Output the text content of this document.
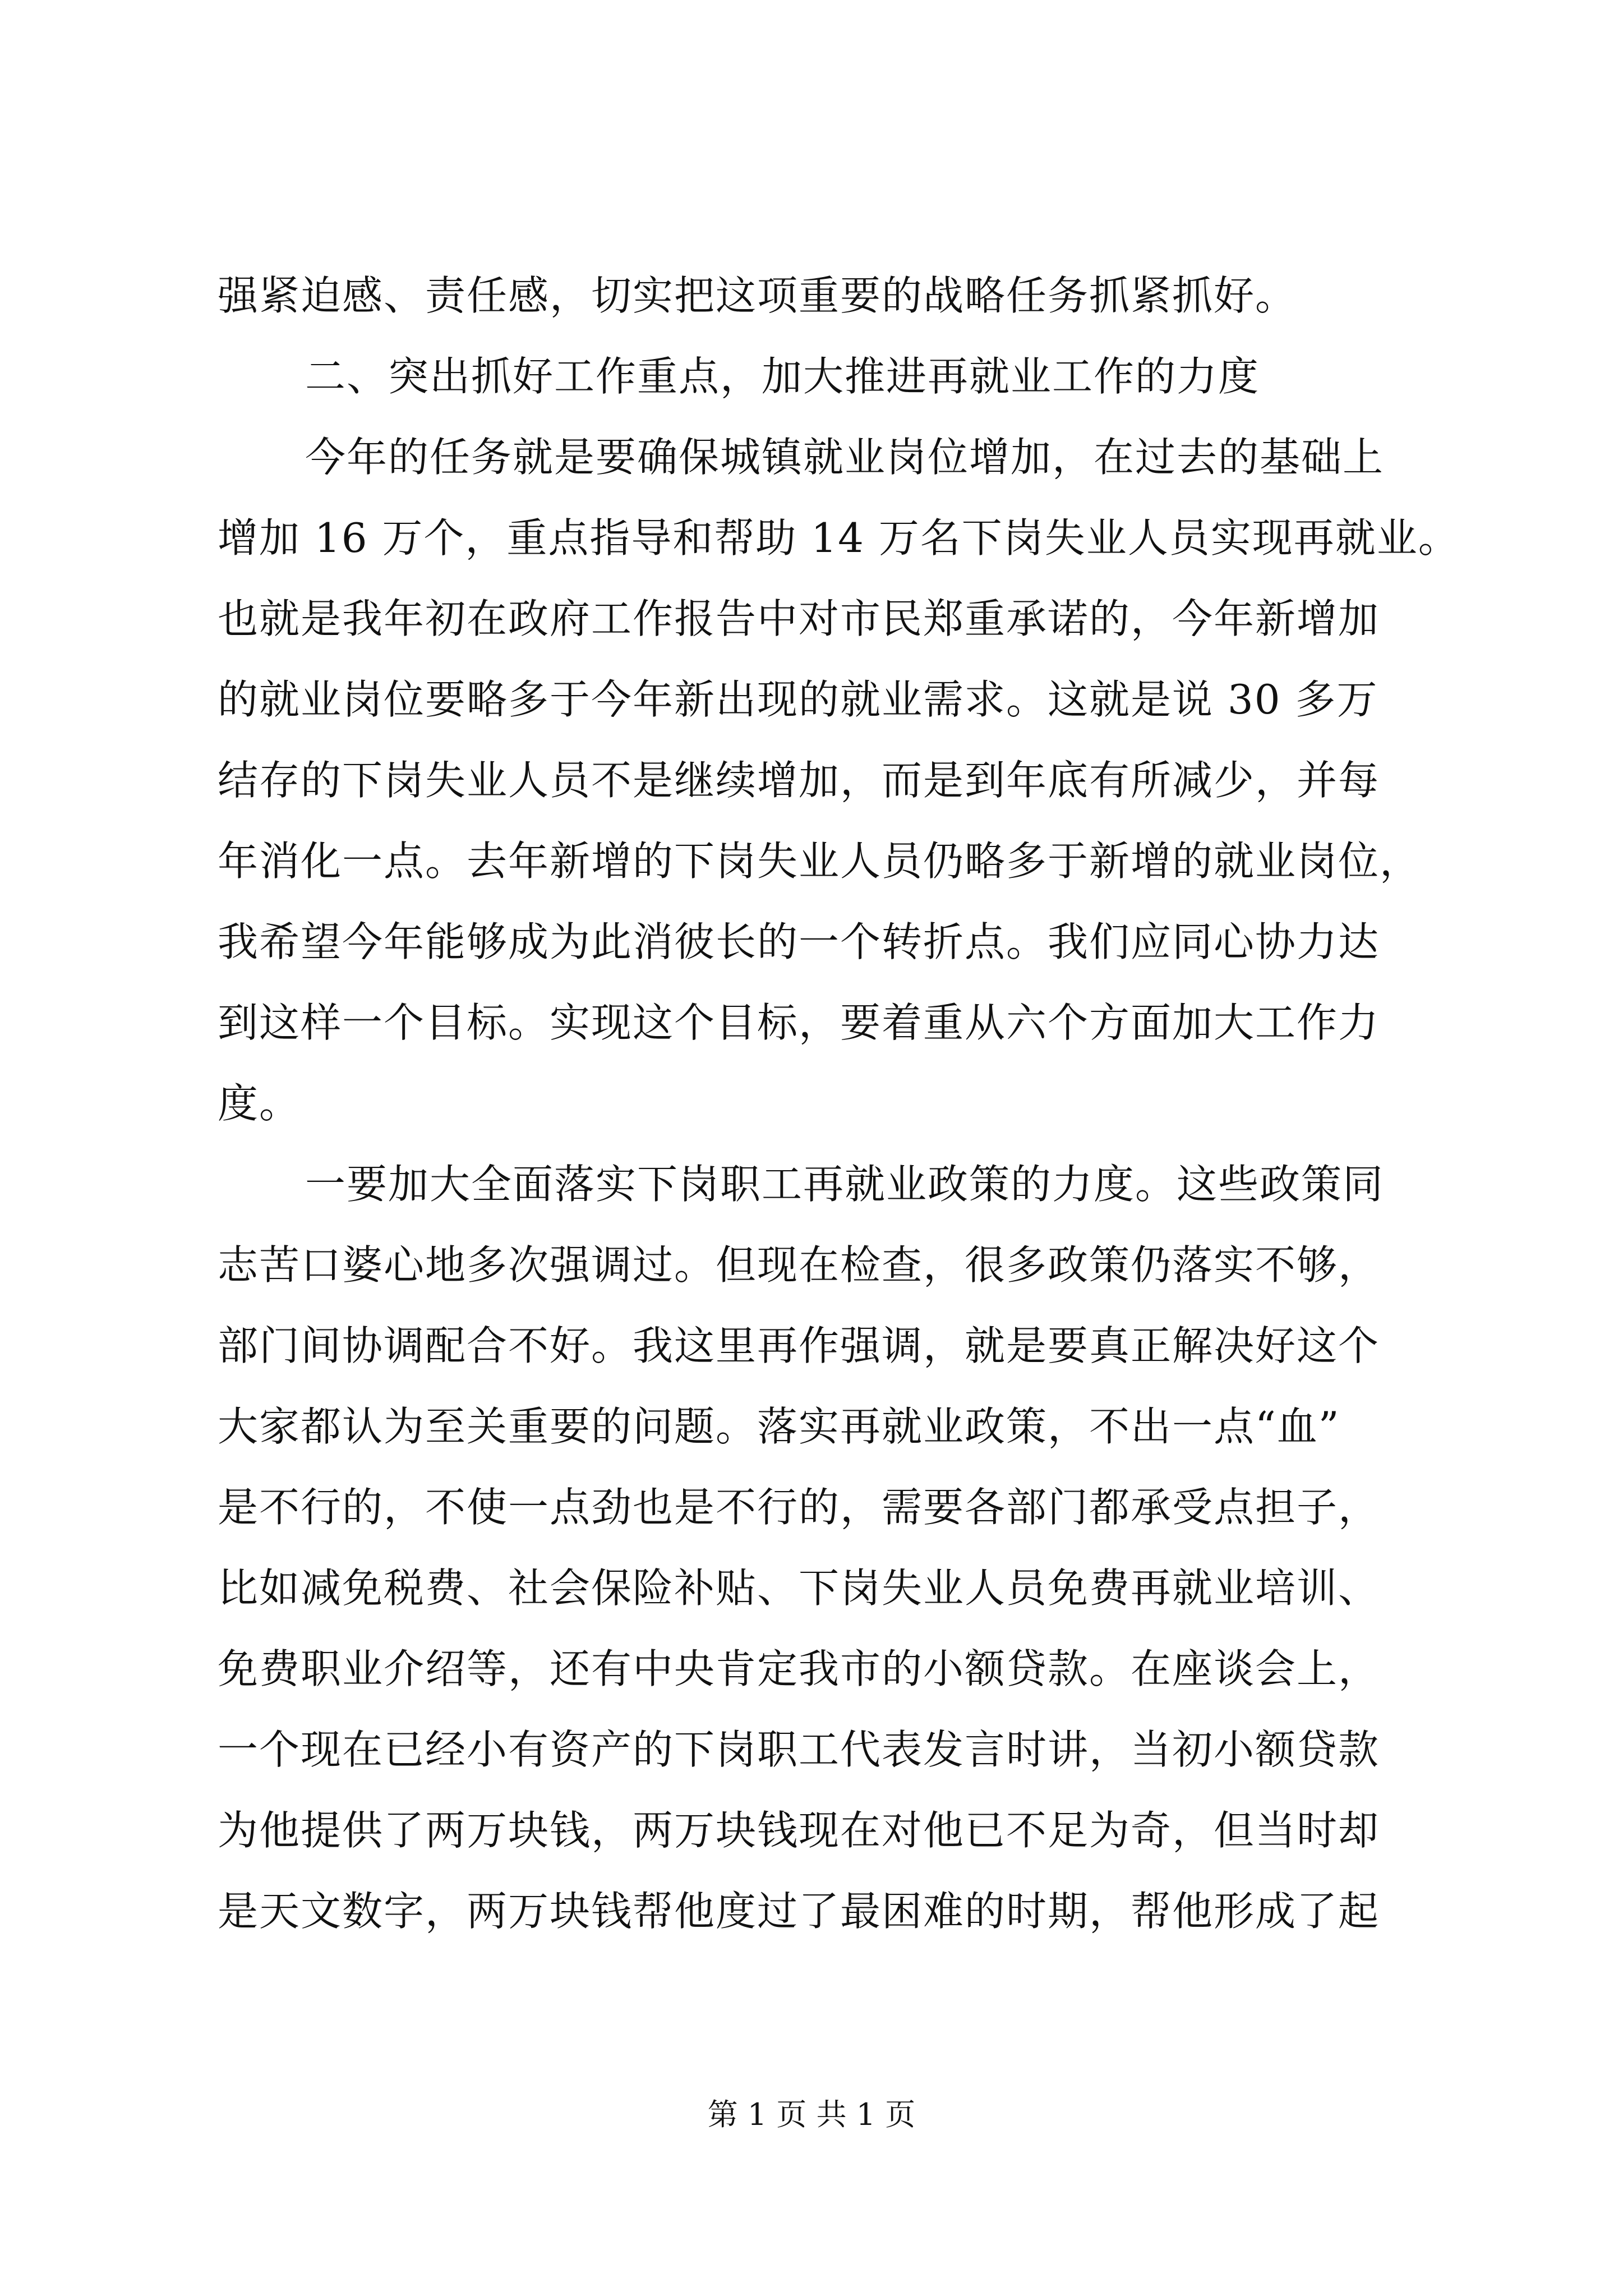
强紧迫感、责任感，切实把这项重要的战略任务抓紧抓好。
二、突出抓好工作重点，加大推进再就业工作的力度
今年的任务就是要确保城镇就业岗位增加，在过去的基础上
增加 16 万个，重点指导和帮助 14 万名下岗失业人员实现再就业。
也就是我年初在政府工作报告中对市民郑重承诺的，今年新增加
的就业岗位要略多于今年新出现的就业需求。这就是说 30 多万
结存的下岗失业人员不是继续增加，而是到年底有所减少，并每
年消化一点。去年新增的下岗失业人员仍略多于新增的就业岗位，
我希望今年能够成为此消彼长的一个转折点。我们应同心协力达
到这样一个目标。实现这个目标，要着重从六个方面加大工作力
度。
一要加大全面落实下岗职工再就业政策的力度。这些政策同
志苦口婆心地多次强调过。但现在检查，很多政策仍落实不够，
部门间协调配合不好。我这里再作强调，就是要真正解决好这个
大家都认为至关重要的问题。落实再就业政策，不出一点“血”
是不行的，不使一点劲也是不行的，需要各部门都承受点担子，
比如减免税费、社会保险补贴、下岗失业人员免费再就业培训、
免费职业介绍等，还有中央肯定我市的小额贷款。在座谈会上，
一个现在已经小有资产的下岗职工代表发言时讲，当初小额贷款
为他提供了两万块钱，两万块钱现在对他已不足为奇，但当时却
是天文数字，两万块钱帮他度过了最困难的时期，帮他形成了起
第 1 页 共 1 页
